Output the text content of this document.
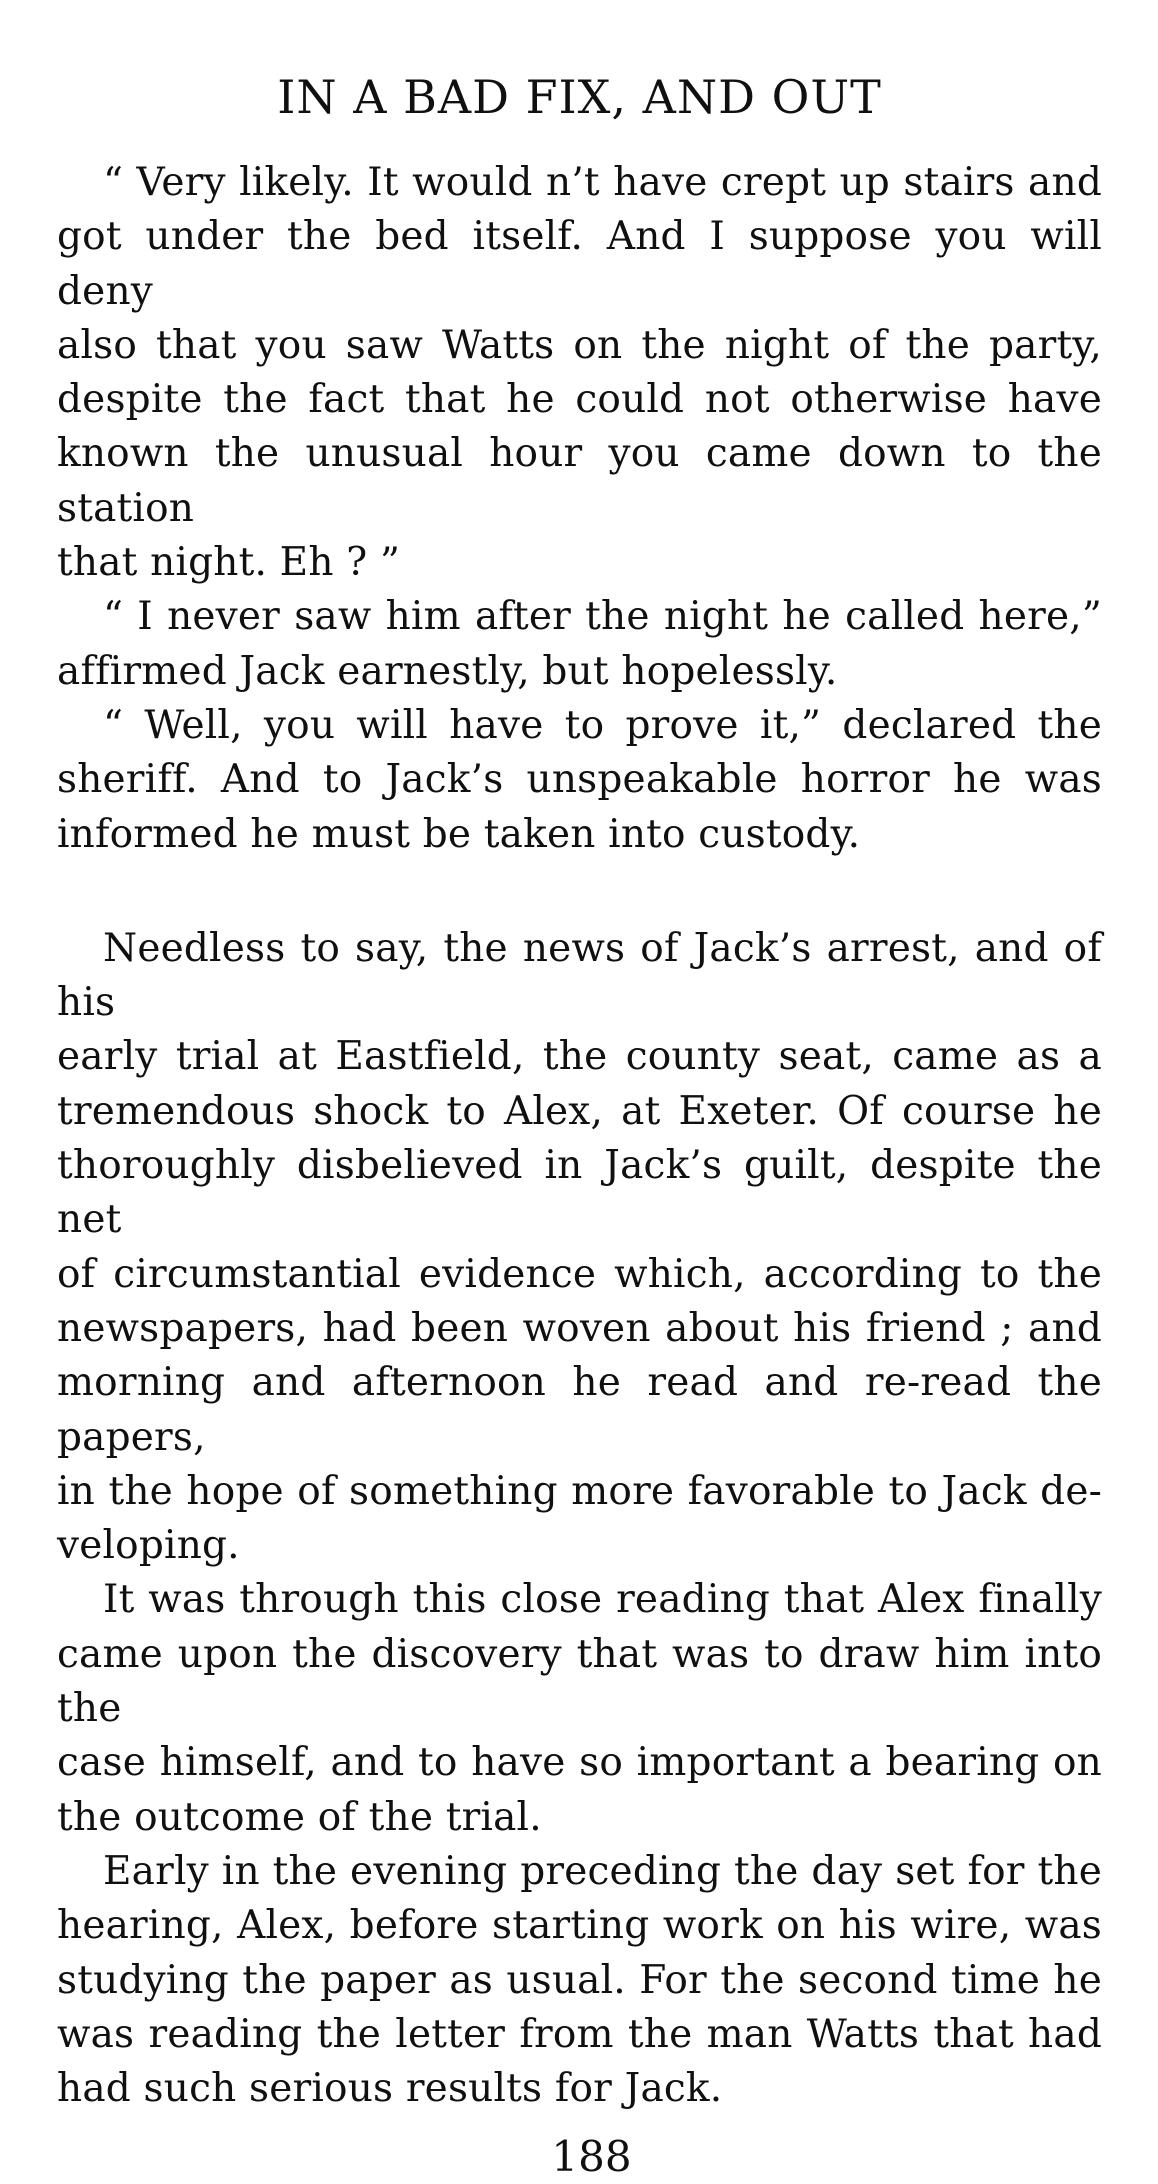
IN A BAD FIX, AND OUT

“ Very likely. It would n’t have crept up stairs and
got under the bed itself. And I suppose you will deny
also that you saw Watts on the night of the party,
despite the fact that he could not otherwise have
known the unusual hour you came down to the station
that night. Eh ? ”

“ I never saw him after the night he called here,”
affirmed Jack earnestly, but hopelessly.

“ Well, you will have to prove it,” declared the
sheriff. And to Jack’s unspeakable horror he was
informed he must be taken into custody.

Needless to say, the news of Jack’s arrest, and of his
early trial at Eastfield, the county seat, came as a
tremendous shock to Alex, at Exeter. Of course he
thoroughly disbelieved in Jack’s guilt, despite the net
of circumstantial evidence which, according to the
newspapers, had been woven about his friend ; and
morning and afternoon he read and re-read the papers,
in the hope of something more favorable to Jack de-
veloping.

It was through this close reading that Alex finally
came upon the discovery that was to draw him into the
case himself, and to have so important a bearing on
the outcome of the trial.

Early in the evening preceding the day set for the
hearing, Alex, before starting work on his wire, was
studying the paper as usual. For the second time he
was reading the letter from the man Watts that had
had such serious results for Jack.

188
